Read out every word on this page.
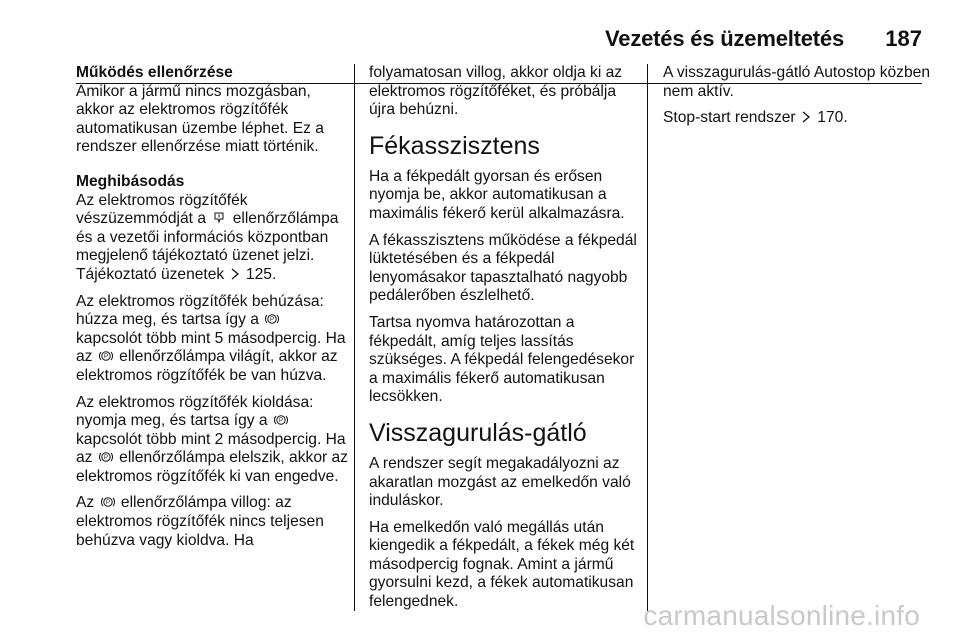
Vezetés és üzemeltetés 187

Működés ellenőrzése

Amikor a jármű nincs mozgásban, akkor az elektromos rögzítőfék automatikusan üzembe léphet. Ez a rendszer ellenőrzése miatt történik.

Meghibásodás

Az elektromos rögzítőfék vészüzemmódját a ellenőrzőlámpa és a vezetői információs központban megjelenő tájékoztató üzenet jelzi. Tájékoztató üzenetek 125.

Az elektromos rögzítőfék behúzása: húzza meg, és tartsa így a P
kapcsolót több mint 5 másodpercig. Ha az P ellenőrzőlámpa világít, akkor az elektromos rögzítőfék be van húzva.

Az elektromos rögzítőfék kioldása: nyomja meg, és tartsa így a P
kapcsolót több mint 2 másodpercig. Ha az P ellenőrzőlámpa elelszik, akkor az elektromos rögzítőfék ki van engedve.

Az P ellenőrzőlámpa villog: az elektromos rögzítőfék nincs teljesen behúzva vagy kioldva. Ha

folyamatosan villog, akkor oldja ki az elektromos rögzítőféket, és próbálja újra behúzni.

Fékasszisztens

Ha a fékpedált gyorsan és erősen nyomja be, akkor automatikusan a maximális fékerő kerül alkalmazásra.

A fékasszisztens működése a fékpedál lüktetésében és a fékpedál lenyomásakor tapasztalható nagyobb pedálerőben észlelhető.

Tartsa nyomva határozottan a fékpedált, amíg teljes lassítás szükséges. A fékpedál felengedésekor a maximális fékerő automatikusan lecsökken.

Visszagurulás-gátló

A rendszer segít megakadályozni az akaratlan mozgást az emelkedőn való induláskor.

Ha emelkedőn való megállás után kiengedik a fékpedált, a fékek még két másodpercig fognak. Amint a jármű gyorsulni kezd, a fékek automatikusan felengednek.

A visszagurulás-gátló Autostop közben nem aktív.

Stop-start rendszer 170.

carmanualsonline.info
